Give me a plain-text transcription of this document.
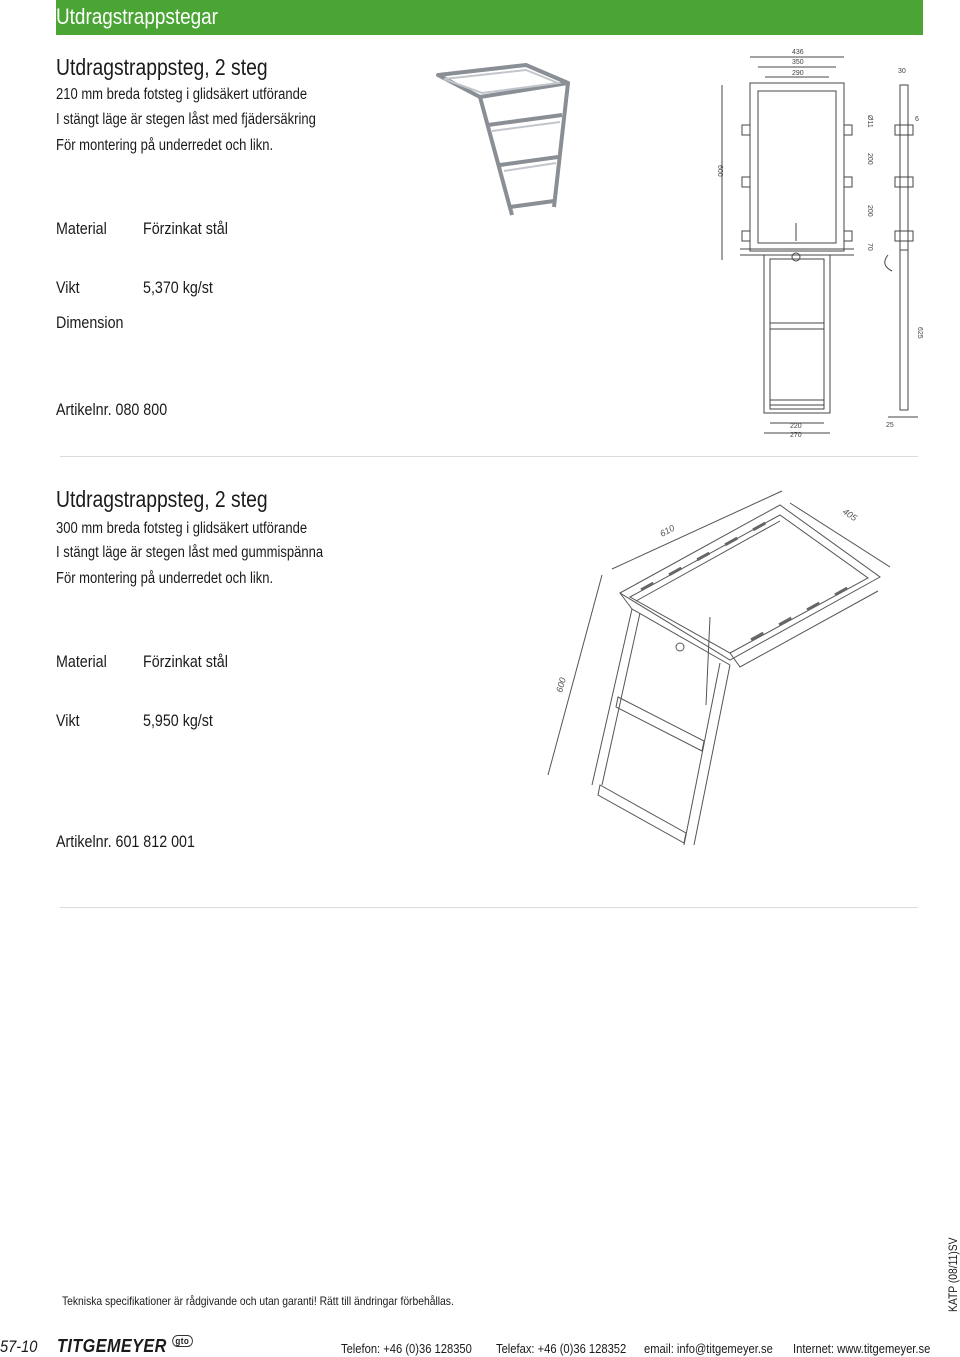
Utdragstrappstegar
Utdragstrappsteg, 2 steg
210 mm breda fotsteg i glidsäkert utförande
I stängt läge är stegen låst med fjädersäkring
För montering på underredet och likn.
Material Förzinkat stål
Vikt	5,370 kg/st
Dimension
Artikelnr. 080 800
436
350
290	30
6
Ø11
200
200
70
600
625
220
270
25
Utdragstrappsteg, 2 steg
300 mm breda fotsteg i glidsäkert utförande
I stängt läge är stegen låst med gummispänna
För montering på underredet och likn.
Material Förzinkat stål
Vikt	5,950 kg/st
Artikelnr. 601 812 001
610
405
600
Tekniska specifikationer är rådgivande och utan garanti! Rätt till ändringar förbehållas.	KATP (08/11)SV
57-10 TITGEMEYER $^{gto}$	Telefon: +46 (0)36 128350 Telefax: +46 (0)36 128352 email: info@titgemeyer.se Internet: www.titgemeyer.se
